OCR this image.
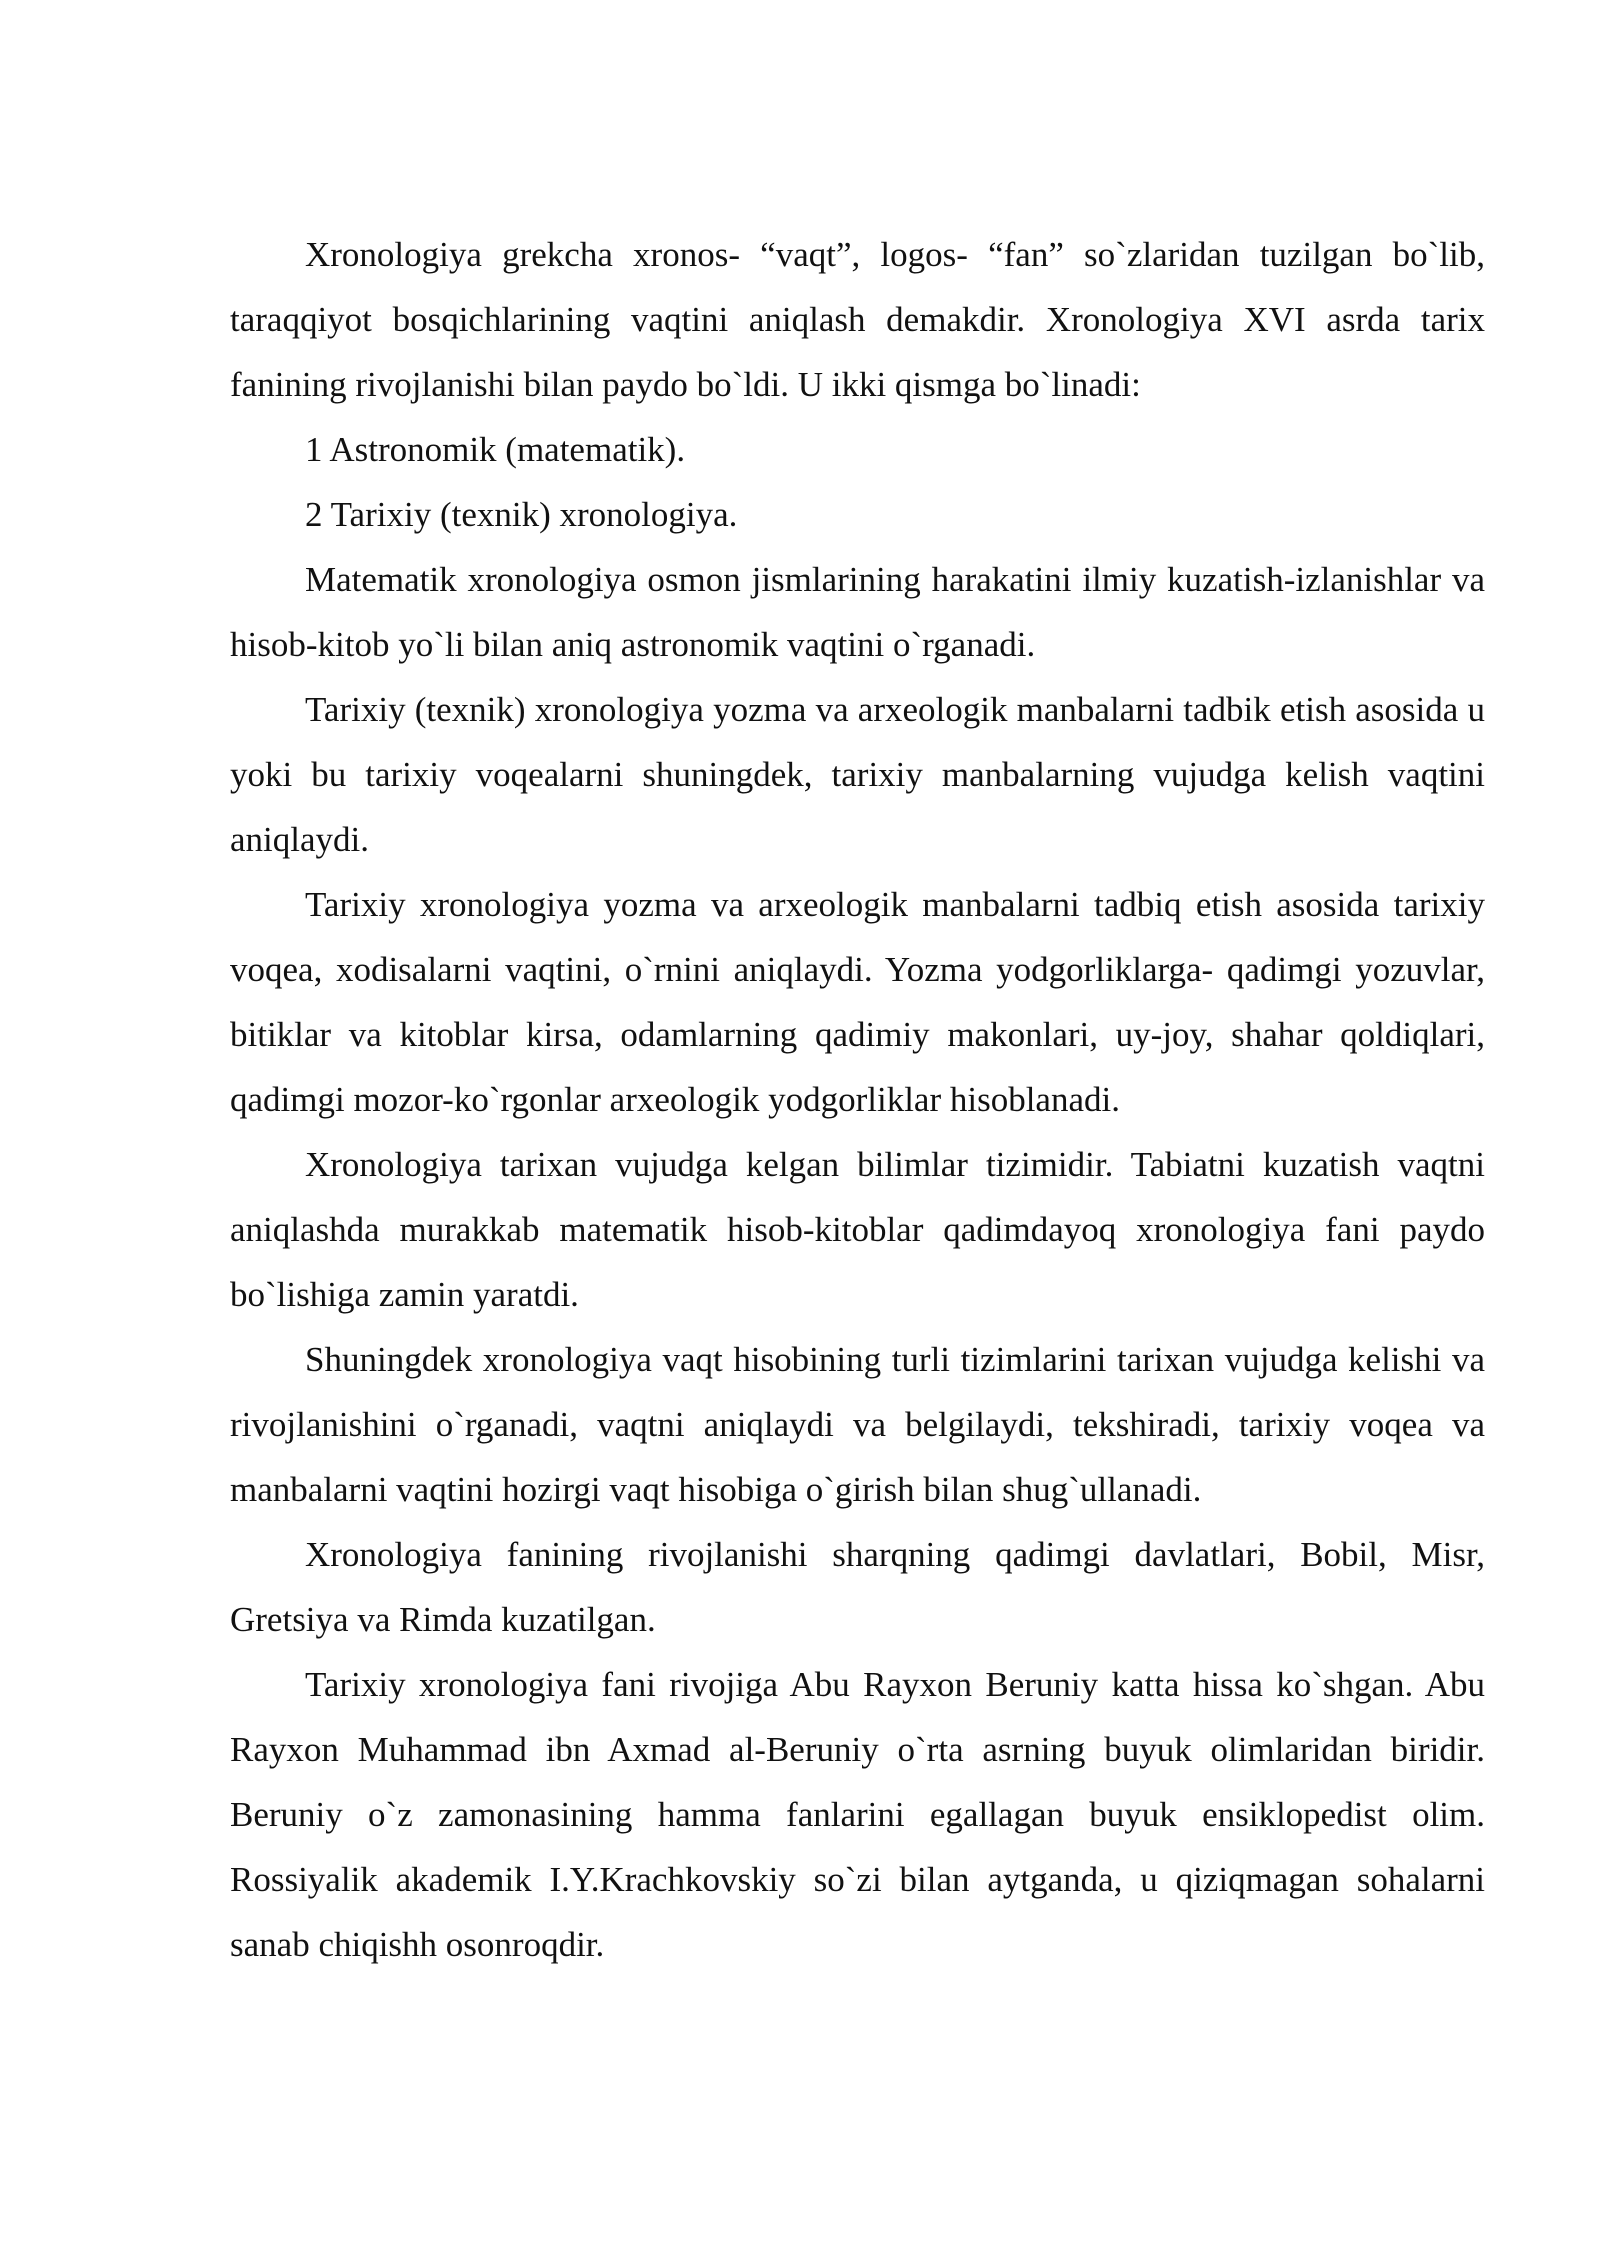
Xronologiya grekcha xronos- “vaqt”, logos- “fan” so`zlaridan tuzilgan bo`lib, taraqqiyot bosqichlarining vaqtini aniqlash demakdir. Xronologiya XVI asrda tarix fanining rivojlanishi bilan paydo bo`ldi. U ikki qismga bo`linadi:

1 Astronomik (matematik).

2 Tarixiy (texnik) xronologiya.

Matematik xronologiya osmon jismlarining harakatini ilmiy kuzatish-izlanishlar va hisob-kitob yo`li bilan aniq astronomik vaqtini o`rganadi.

Tarixiy (texnik) xronologiya yozma va arxeologik manbalarni tadbik etish asosida u yoki bu tarixiy voqealarni shuningdek, tarixiy manbalarning vujudga kelish vaqtini aniqlaydi.

Tarixiy xronologiya yozma va arxeologik manbalarni tadbiq etish asosida tarixiy voqea, xodisalarni vaqtini, o`rnini aniqlaydi. Yozma yodgorliklarga- qadimgi yozuvlar, bitiklar va kitoblar kirsa, odamlarning qadimiy makonlari, uy-joy, shahar qoldiqlari, qadimgi mozor-ko`rgonlar arxeologik yodgorliklar hisoblanadi.

Xronologiya tarixan vujudga kelgan bilimlar tizimidir. Tabiatni kuzatish vaqtni aniqlashda murakkab matematik hisob-kitoblar qadimdayoq xronologiya fani paydo bo`lishiga zamin yaratdi.

Shuningdek xronologiya vaqt hisobining turli tizimlarini tarixan vujudga kelishi va rivojlanishini o`rganadi, vaqtni aniqlaydi va belgilaydi, tekshiradi, tarixiy voqea va manbalarni vaqtini hozirgi vaqt hisobiga o`girish bilan shug`ullanadi.

Xronologiya fanining rivojlanishi sharqning qadimgi davlatlari, Bobil, Misr, Gretsiya va Rimda kuzatilgan.

Tarixiy xronologiya fani rivojiga Abu Rayxon Beruniy katta hissa ko`shgan. Abu Rayxon Muhammad ibn Axmad al-Beruniy o`rta asrning buyuk olimlaridan biridir. Beruniy o`z zamonasining hamma fanlarini egallagan buyuk ensiklopedist olim. Rossiyalik akademik I.Y.Krachkovskiy so`zi bilan aytganda, u qiziqmagan sohalarni sanab chiqishh osonroqdir.
